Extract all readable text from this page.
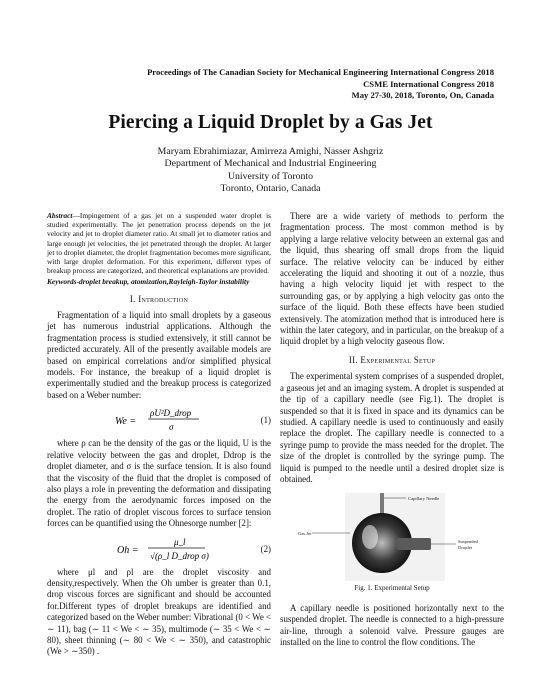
Proceedings of The Canadian Society for Mechanical Engineering International Congress 2018
CSME International Congress 2018
May 27-30, 2018, Toronto, On, Canada
Piercing a Liquid Droplet by a Gas Jet
Maryam Ebrahimiazar, Amirreza Amighi, Nasser Ashgriz
Department of Mechanical and Industrial Engineering
University of Toronto
Toronto, Ontario, Canada

Abstract—Impingement of a gas jet on a suspended water droplet is studied experimentally. The jet penetration process depends on the jet velocity and jet to droplet diameter ratio. At small jet to diameter ratios and large enough jet velocities, the jet penetrated through the droplet. At larger jet to droplet diameter, the droplet fragmentation becomes more significant, with large droplet deformation. For this experiment, different types of breakup process are categorized, and theoretical explanations are provided.

Keywords-droplet breakup, atomization,Rayleigh-Taylor instability

I. Introduction

Fragmentation of a liquid into small droplets by a gaseous jet has numerous industrial applications. Although the fragmentation process is studied extensively, it still cannot be predicted accurately. All of the presently available models are based on empirical correlations and/or simplified physical models. For instance, the breakup of a liquid droplet is experimentally studied and the breakup process is categorized based on a Weber number:

We =
ρU²D_drop
σ
(1)

where ρ can be the density of the gas or the liquid, U is the relative velocity between the gas and droplet, Ddrop is the droplet diameter, and σ is the surface tension. It is also found that the viscosity of the fluid that the droplet is composed of also plays a role in preventing the deformation and dissipating the energy from the aerodynamic forces imposed on the droplet. The ratio of droplet viscous forces to surface tension forces can be quantified using the Ohnesorge number [2]:

Oh =
μ_l
√(ρ_l D_drop σ)
(2)

where μl and ρl are the droplet viscosity and density,respectively. When the Oh umber is greater than 0.1, drop viscous forces are significant and should be accounted for.Different types of droplet breakups are identified and categorized based on the Weber number: Vibrational (0 < We < ∼ 11), bag (∼ 11 < We < ∼ 35), multimode (∼ 35 < We < ∼ 80), sheet thinning (∼ 80 < We < ∼ 350), and catastrophic (We > ∼350) .

There are a wide variety of methods to perform the fragmentation process. The most common method is by applying a large relative velocity between an external gas and the liquid, thus shearing off small drops from the liquid surface. The relative velocity can be induced by either accelerating the liquid and shooting it out of a nozzle, thus having a high velocity liquid jet with respect to the surrounding gas, or by applying a high velocity gas onto the surface of the liquid. Both these effects have been studied extensively. The atomization method that is introduced here is within the later category, and in particular, on the breakup of a liquid droplet by a high velocity gaseous flow.

II. Experimental Setup

The experimental system comprises of a suspended droplet, a gaseous jet and an imaging system. A droplet is suspended at the tip of a capillary needle (see Fig.1). The droplet is suspended so that it is fixed in space and its dynamics can be studied. A capillary needle is used to continuously and easily replace the droplet. The capillary needle is connected to a syringe pump to provide the mass needed for the droplet. The size of the droplet is controlled by the syringe pump. The liquid is pumped to the needle until a desired droplet size is obtained.

Capillary Needle
Gas Jet
Suspended
Droplet
Fig. 1. Experimental Setup

A capillary needle is positioned horizontally next to the suspended droplet. The needle is connected to a high-pressure air-line, through a solenoid valve. Pressure gauges are installed on the line to control the flow conditions. The
